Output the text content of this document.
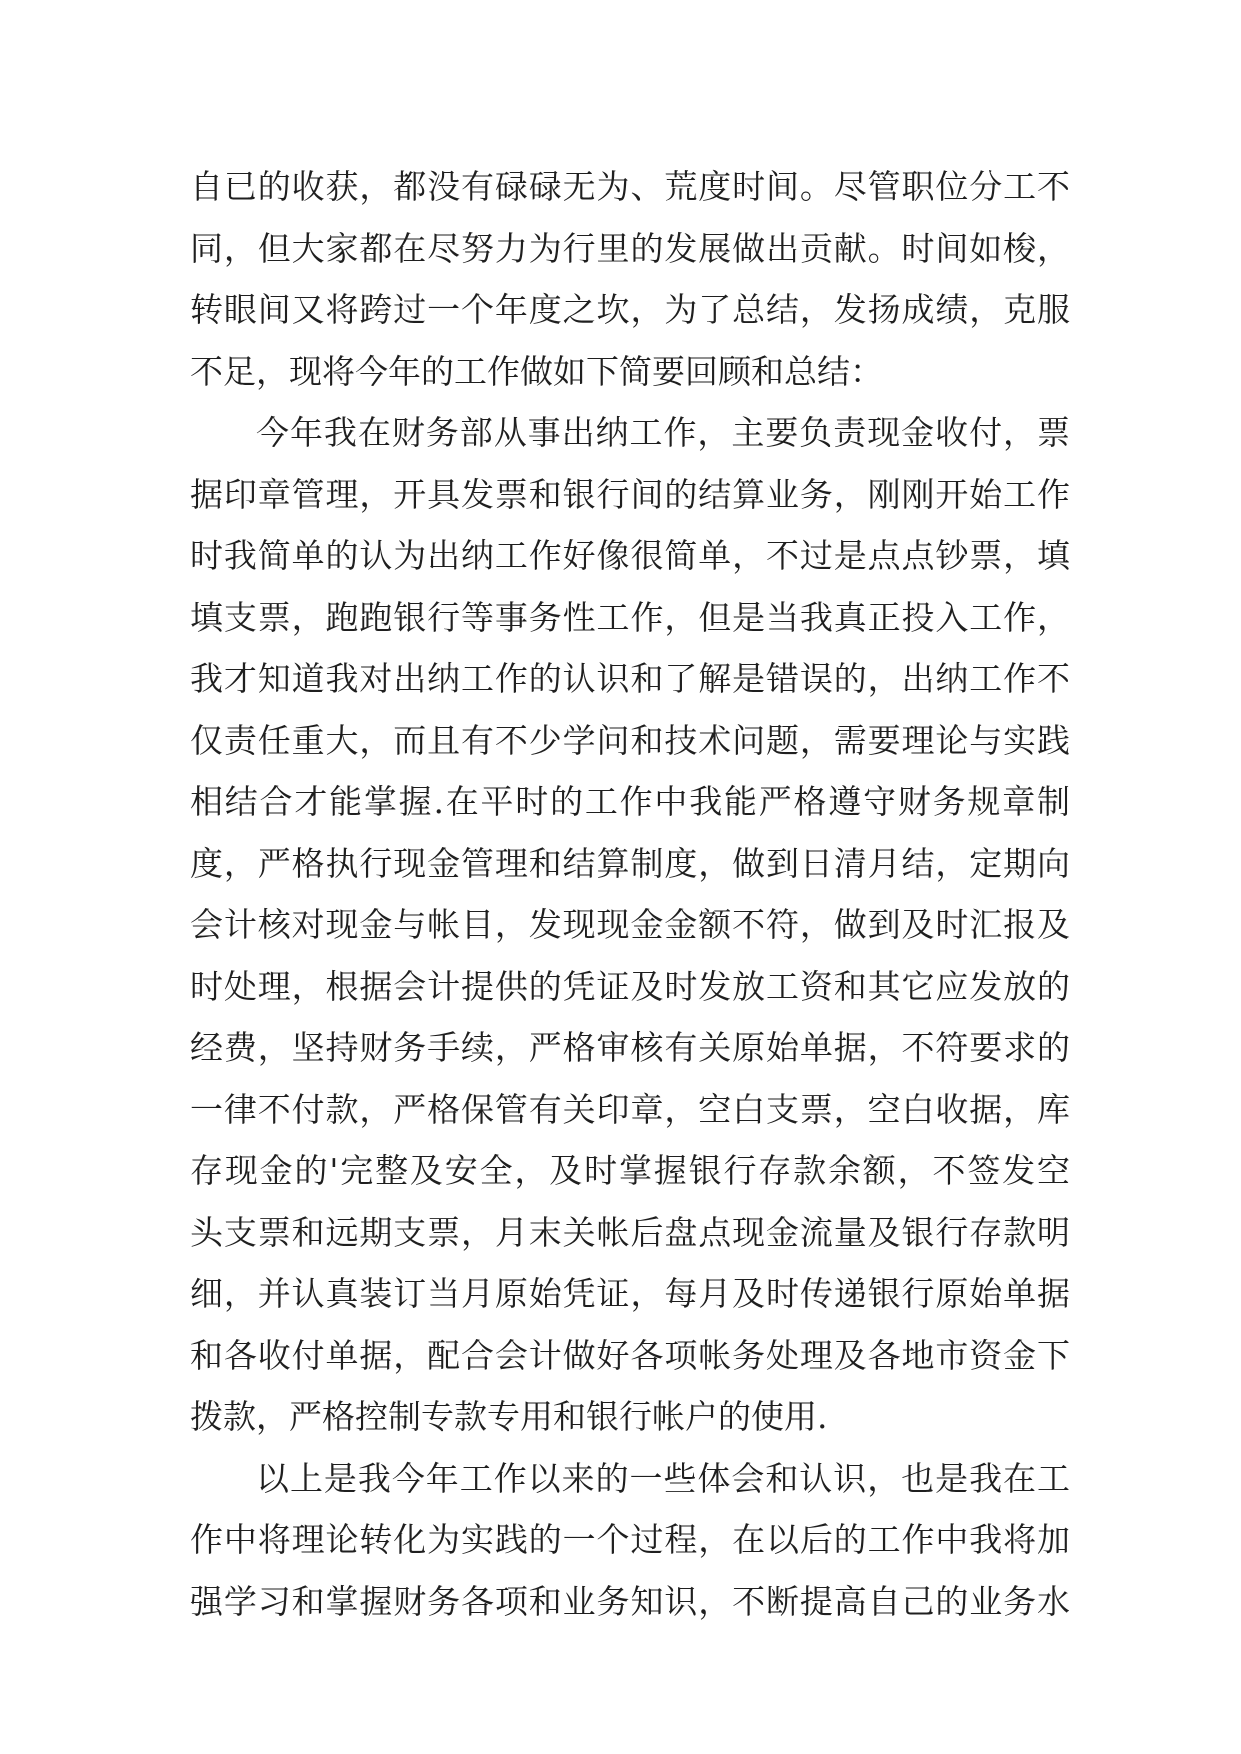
自已的收获，都没有碌碌无为、荒度时间。尽管职位分工不
同，但大家都在尽努力为行里的发展做出贡献。时间如梭，
转眼间又将跨过一个年度之坎，为了总结，发扬成绩，克服
不足，现将今年的工作做如下简要回顾和总结：
今年我在财务部从事出纳工作，主要负责现金收付，票
据印章管理，开具发票和银行间的结算业务，刚刚开始工作
时我简单的认为出纳工作好像很简单，不过是点点钞票，填
填支票，跑跑银行等事务性工作，但是当我真正投入工作，
我才知道我对出纳工作的认识和了解是错误的，出纳工作不
仅责任重大，而且有不少学问和技术问题，需要理论与实践
相结合才能掌握.在平时的工作中我能严格遵守财务规章制
度，严格执行现金管理和结算制度，做到日清月结，定期向
会计核对现金与帐目，发现现金金额不符，做到及时汇报及
时处理，根据会计提供的凭证及时发放工资和其它应发放的
经费，坚持财务手续，严格审核有关原始单据，不符要求的
一律不付款，严格保管有关印章，空白支票，空白收据，库
存现金的'完整及安全，及时掌握银行存款余额，不签发空
头支票和远期支票，月末关帐后盘点现金流量及银行存款明
细，并认真装订当月原始凭证，每月及时传递银行原始单据
和各收付单据，配合会计做好各项帐务处理及各地市资金下
拨款，严格控制专款专用和银行帐户的使用.
以上是我今年工作以来的一些体会和认识，也是我在工
作中将理论转化为实践的一个过程，在以后的工作中我将加
强学习和掌握财务各项和业务知识，不断提高自己的业务水
